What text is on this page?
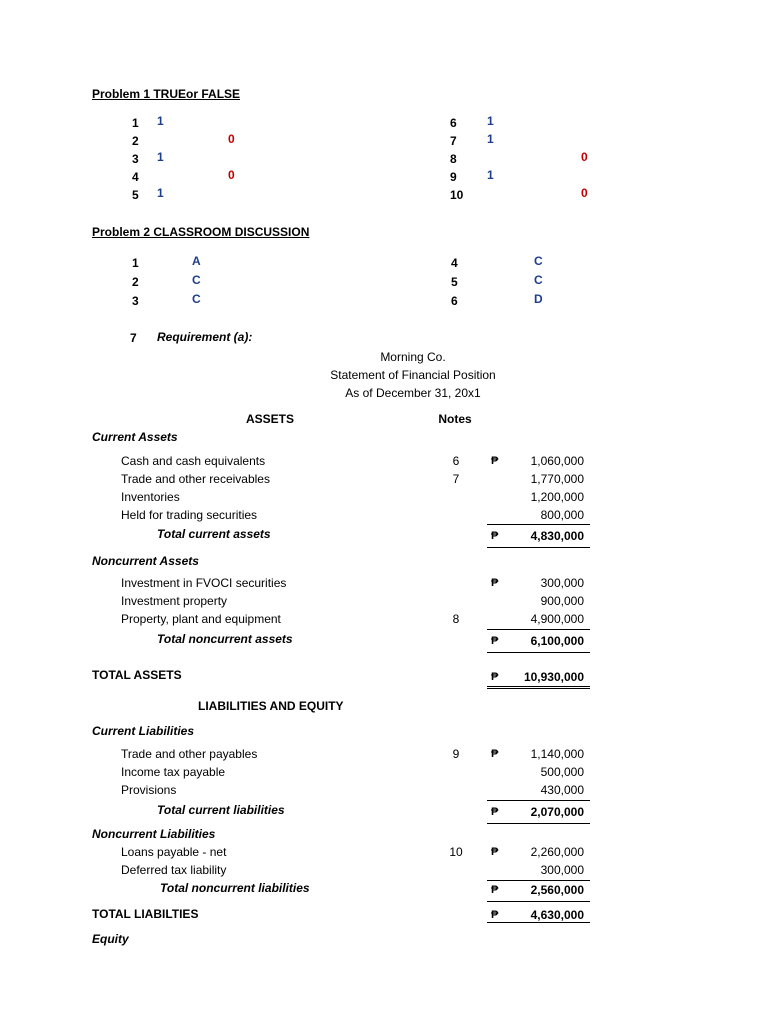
Problem 1 TRUEor FALSE
1 1
2	0
3 1
4	0
5 1
6	1
7	1
8	0
9	1
10	0
Problem 2 CLASSROOM DISCUSSION
1	A
2	C
3	C
4	C
5	C
6	D
7 Requirement (a):
Morning Co.
Statement of Financial Position
As of December 31, 20x1
ASSETS	Notes
Current Assets
Cash and cash equivalents	6	₱	1,060,000
Trade and other receivables	7	1,770,000
Inventories	1,200,000
Held for trading securities	800,000
Total current assets	₱	4,830,000
Noncurrent Assets
Investment in FVOCI securities	₱	300,000
Investment property	900,000
Property, plant and equipment	8	4,900,000
Total noncurrent assets	₱	6,100,000
TOTAL ASSETS	₱	10,930,000
LIABILITIES AND EQUITY
Current Liabilities
Trade and other payables	9	₱	1,140,000
Income tax payable	500,000
Provisions	430,000
Total current liabilities	₱	2,070,000
Noncurrent Liabilities
Loans payable - net	10	₱	2,260,000
Deferred tax liability	300,000
Total noncurrent liabilities	₱	2,560,000
TOTAL LIABILTIES	₱	4,630,000
Equity
